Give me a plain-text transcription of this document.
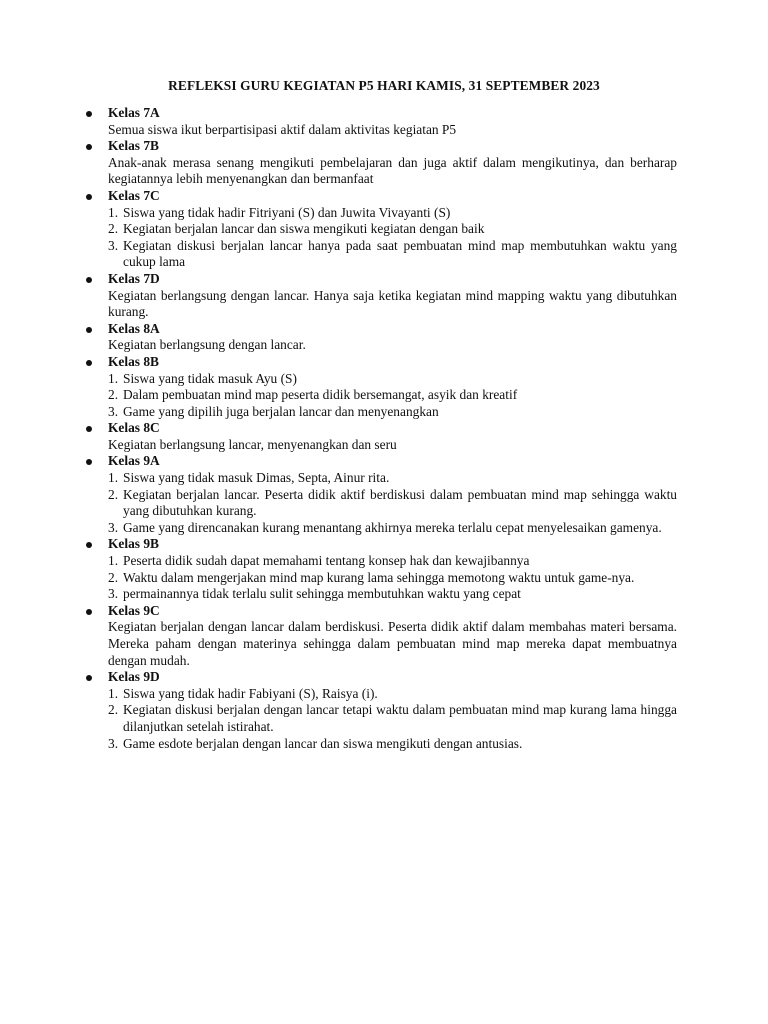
REFLEKSI GURU KEGIATAN P5 HARI KAMIS, 31 SEPTEMBER 2023
Kelas 7A
Semua siswa ikut berpartisipasi aktif dalam aktivitas kegiatan P5
Kelas 7B
Anak-anak merasa senang mengikuti pembelajaran dan juga aktif dalam mengikutinya, dan berharap kegiatannya lebih menyenangkan dan bermanfaat
Kelas 7C
1. Siswa yang tidak hadir Fitriyani (S) dan Juwita Vivayanti (S)
2. Kegiatan berjalan lancar dan siswa mengikuti kegiatan dengan baik
3. Kegiatan diskusi berjalan lancar hanya pada saat pembuatan mind map membutuhkan waktu yang cukup lama
Kelas 7D
Kegiatan berlangsung dengan lancar. Hanya saja ketika kegiatan mind mapping waktu yang dibutuhkan kurang.
Kelas 8A
Kegiatan berlangsung dengan lancar.
Kelas 8B
1. Siswa yang tidak masuk Ayu (S)
2. Dalam pembuatan mind map peserta didik bersemangat, asyik dan kreatif
3. Game yang dipilih juga berjalan lancar dan menyenangkan
Kelas 8C
Kegiatan berlangsung lancar, menyenangkan dan seru
Kelas 9A
1. Siswa yang tidak masuk Dimas, Septa, Ainur rita.
2. Kegiatan berjalan lancar. Peserta didik aktif berdiskusi dalam pembuatan mind map sehingga waktu yang dibutuhkan kurang.
3. Game yang direncanakan kurang menantang akhirnya mereka terlalu cepat menyelesaikan gamenya.
Kelas 9B
1. Peserta didik sudah dapat memahami tentang konsep hak dan kewajibannya
2. Waktu dalam mengerjakan mind map kurang lama sehingga memotong waktu untuk game-nya.
3. permainannya tidak terlalu sulit sehingga membutuhkan waktu yang cepat
Kelas 9C
Kegiatan berjalan dengan lancar dalam berdiskusi. Peserta didik aktif dalam membahas materi bersama. Mereka paham dengan materinya sehingga dalam pembuatan mind map mereka dapat membuatnya dengan mudah.
Kelas 9D
1. Siswa yang tidak hadir Fabiyani (S), Raisya (i).
2. Kegiatan diskusi berjalan dengan lancar tetapi waktu dalam pembuatan mind map kurang lama hingga dilanjutkan setelah istirahat.
3. Game esdote berjalan dengan lancar dan siswa mengikuti dengan antusias.
